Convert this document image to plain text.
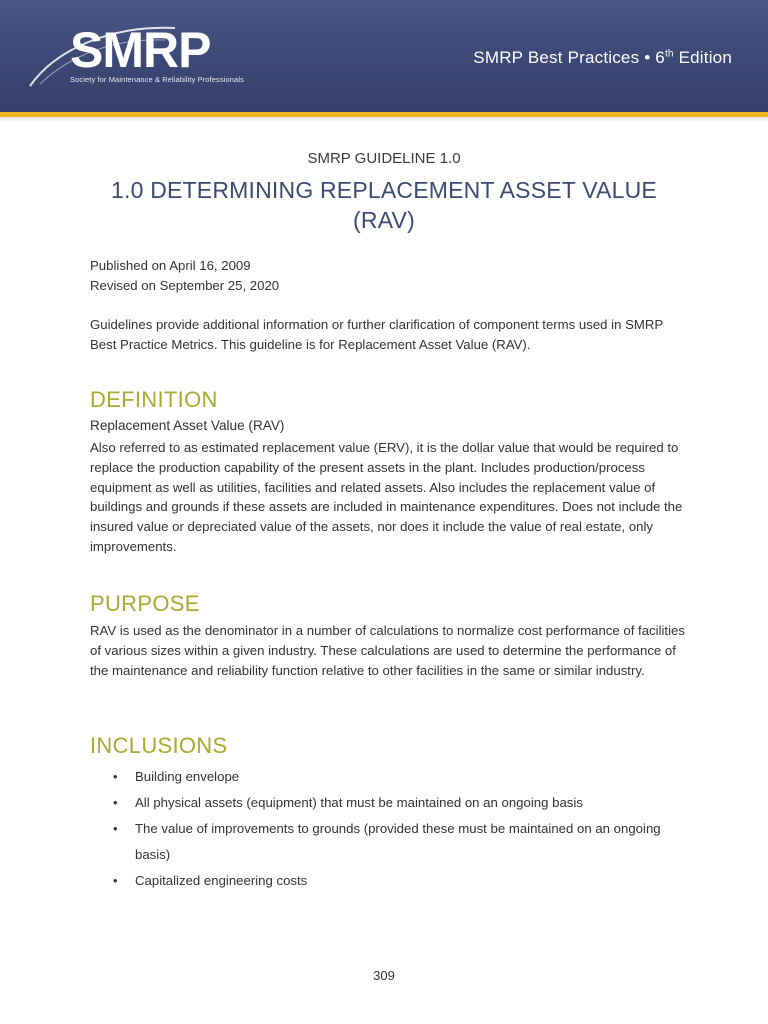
SMRP
Society for Maintenance & Reliability Professionals
SMRP Best Practices • 6th Edition
SMRP GUIDELINE 1.0
1.0 DETERMINING REPLACEMENT ASSET VALUE (RAV)
Published on April 16, 2009
Revised on September 25, 2020
Guidelines provide additional information or further clarification of component terms used in SMRP Best Practice Metrics. This guideline is for Replacement Asset Value (RAV).
DEFINITION
Replacement Asset Value (RAV)
Also referred to as estimated replacement value (ERV), it is the dollar value that would be required to replace the production capability of the present assets in the plant. Includes production/process equipment as well as utilities, facilities and related assets. Also includes the replacement value of buildings and grounds if these assets are included in maintenance expenditures. Does not include the insured value or depreciated value of the assets, nor does it include the value of real estate, only improvements.
PURPOSE
RAV is used as the denominator in a number of calculations to normalize cost performance of facilities of various sizes within a given industry. These calculations are used to determine the performance of the maintenance and reliability function relative to other facilities in the same or similar industry.
INCLUSIONS
• Building envelope
• All physical assets (equipment) that must be maintained on an ongoing basis
• The value of improvements to grounds (provided these must be maintained on an ongoing basis)
• Capitalized engineering costs
309
